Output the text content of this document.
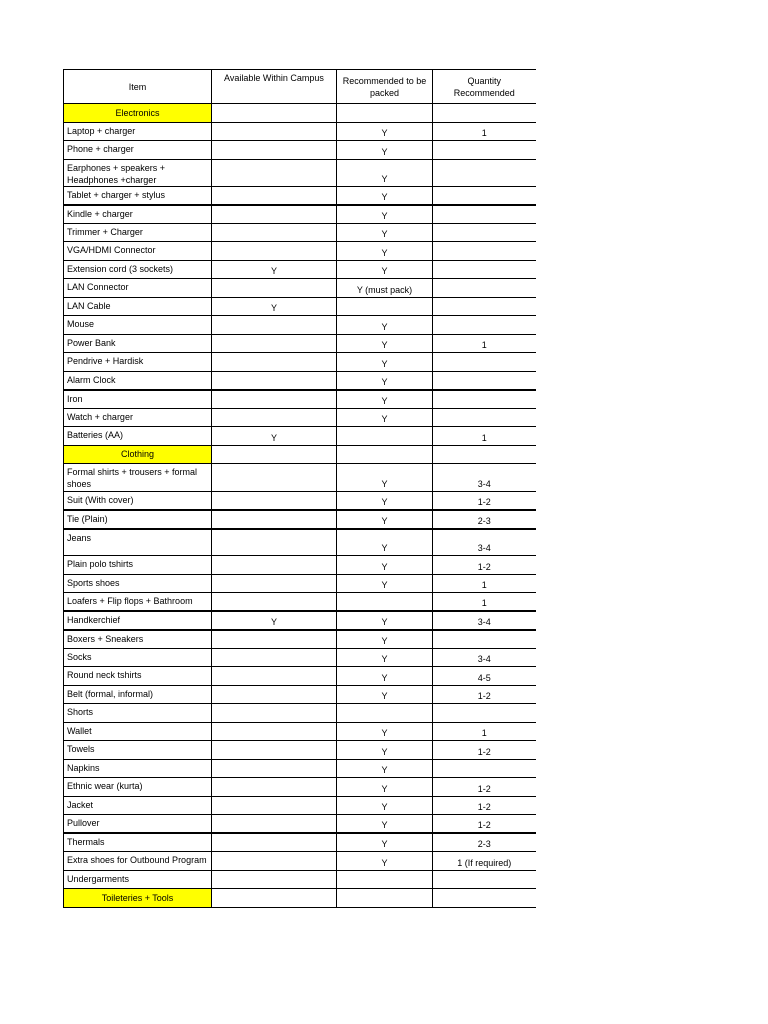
Item	Available Within Campus	Recommended to be packed	Quantity Recommended
Electronics			
Laptop + charger		Y	1
Phone + charger		Y	
Earphones + speakers + Headphones +charger		Y	
Tablet + charger + stylus		Y	
Kindle + charger		Y	
Trimmer + Charger		Y	
VGA/HDMI Connector		Y	
Extension cord (3 sockets)	Y	Y	
LAN Connector		Y (must pack)	
LAN Cable	Y		
Mouse		Y	
Power Bank		Y	1
Pendrive + Hardisk		Y	
Alarm Clock		Y	
Iron		Y	
Watch + charger		Y	
Batteries (AA)	Y		1
Clothing			
Formal shirts + trousers + formal shoes		Y	3-4
Suit (With cover)		Y	1-2
Tie (Plain)		Y	2-3
Jeans		Y	3-4
Plain polo tshirts		Y	1-2
Sports shoes		Y	1
Loafers + Flip flops + Bathroom			1
Handkerchief	Y	Y	3-4
Boxers + Sneakers		Y	
Socks		Y	3-4
Round neck tshirts		Y	4-5
Belt (formal, informal)		Y	1-2
Shorts			
Wallet		Y	1
Towels		Y	1-2
Napkins		Y	
Ethnic wear (kurta)		Y	1-2
Jacket		Y	1-2
Pullover		Y	1-2
Thermals		Y	2-3
Extra shoes for Outbound Program		Y	1 (If required)
Undergarments			
Toileteries + Tools			
